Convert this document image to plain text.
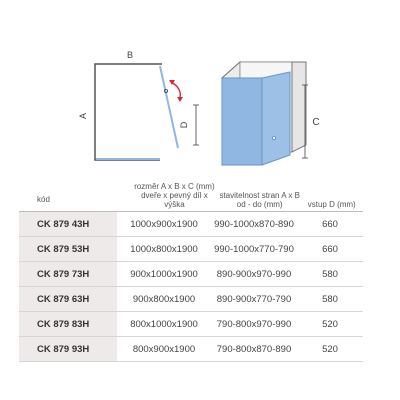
B
A
D	C
kód
rozměr A x B x C (mm)
dveře x pevný díl x výška
stavitelnost stran A x B
od - do (mm)	vstup D (mm)
CK 879 43H	1000x900x1900	990-1000x870-890	660
CK 879 53H	1000x800x1900	990-1000x770-790	660
CK 879 73H	900x1000x1900	890-900x970-990	580
CK 879 63H	900x800x1900	890-900x770-790	580
CK 879 83H	800x1000x1900	790-800x970-990	520
CK 879 93H	800x900x1900	790-800x870-890	520
